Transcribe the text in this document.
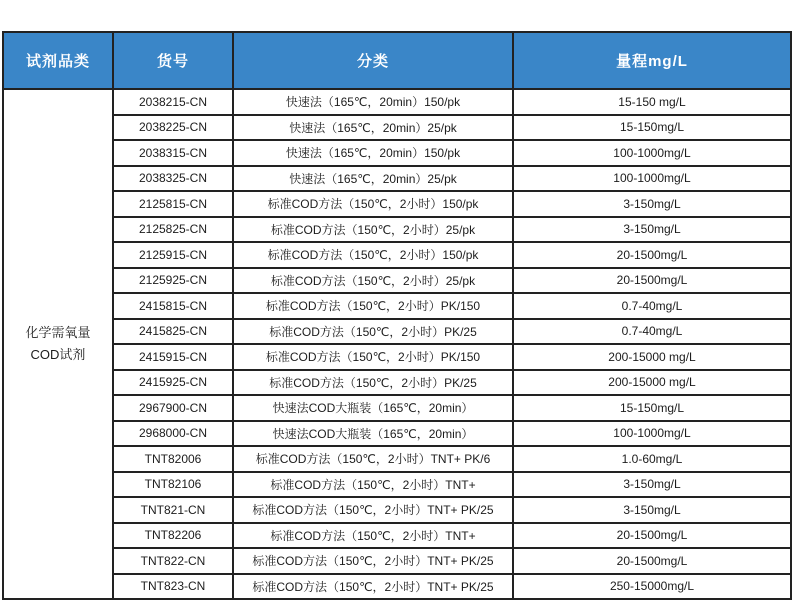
试剂品类	货号	分类	量程mg/L

化学需氧量
COD试剂	2038215-CN	快速法（165℃，20min）150/pk	15-150 mg/L
	2038225-CN	快速法（165℃，20min）25/pk	15-150mg/L
	2038315-CN	快速法（165℃，20min）150/pk	100-1000mg/L
	2038325-CN	快速法（165℃，20min）25/pk	100-1000mg/L
	2125815-CN	标准COD方法（150℃，2小时）150/pk	3-150mg/L
	2125825-CN	标准COD方法（150℃，2小时）25/pk	3-150mg/L
	2125915-CN	标准COD方法（150℃，2小时）150/pk	20-1500mg/L
	2125925-CN	标准COD方法（150℃，2小时）25/pk	20-1500mg/L
	2415815-CN	标准COD方法（150℃，2小时）PK/150	0.7-40mg/L
	2415825-CN	标准COD方法（150℃，2小时）PK/25	0.7-40mg/L
	2415915-CN	标准COD方法（150℃，2小时）PK/150	200-15000 mg/L
	2415925-CN	标准COD方法（150℃，2小时）PK/25	200-15000 mg/L
	2967900-CN	快速法COD大瓶装（165℃，20min）	15-150mg/L
	2968000-CN	快速法COD大瓶装（165℃，20min）	100-1000mg/L
	TNT82006	标准COD方法（150℃，2小时）TNT+ PK/6	1.0-60mg/L
	TNT82106	标准COD方法（150℃，2小时）TNT+	3-150mg/L
	TNT821-CN	标准COD方法（150℃，2小时）TNT+ PK/25	3-150mg/L
	TNT82206	标准COD方法（150℃，2小时）TNT+	20-1500mg/L
	TNT822-CN	标准COD方法（150℃，2小时）TNT+ PK/25	20-1500mg/L
	TNT823-CN	标准COD方法（150℃，2小时）TNT+ PK/25	250-15000mg/L
